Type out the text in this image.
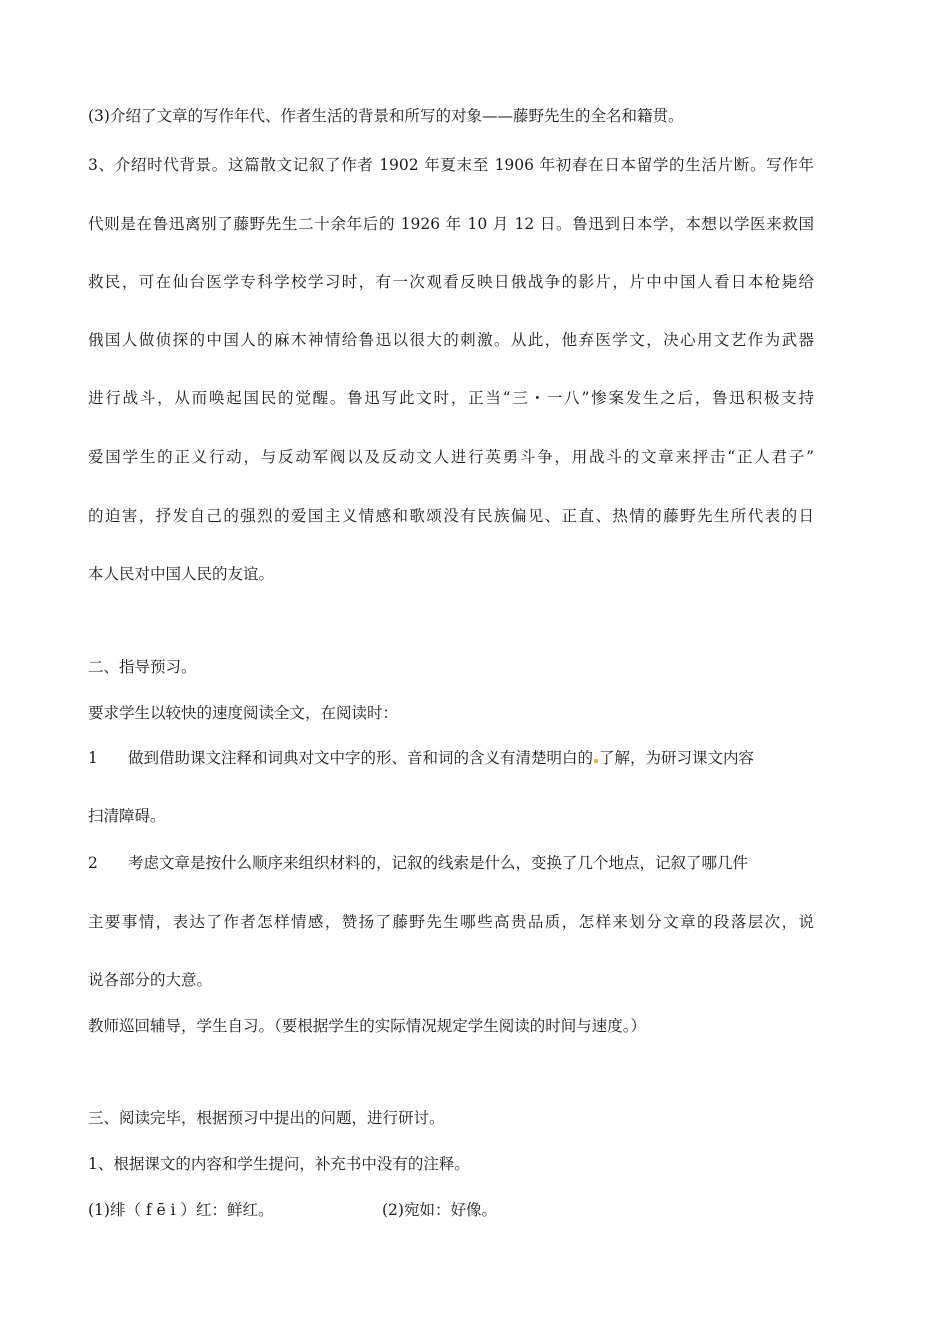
(3)介绍了文章的写作年代、作者生活的背景和所写的对象——藤野先生的全名和籍贯。
3、介绍时代背景。这篇散文记叙了作者 1902 年夏末至 1906 年初春在日本留学的生活片断。写作年
代则是在鲁迅离别了藤野先生二十余年后的 1926 年 10 月 12 日。鲁迅到日本学，本想以学医来救国
救民，可在仙台医学专科学校学习时，有一次观看反映日俄战争的影片，片中中国人看日本枪毙给
俄国人做侦探的中国人的麻木神情给鲁迅以很大的刺激。从此，他弃医学文，决心用文艺作为武器
进行战斗，从而唤起国民的觉醒。鲁迅写此文时，正当“三・一八”惨案发生之后，鲁迅积极支持
爱国学生的正义行动，与反动军阀以及反动文人进行英勇斗争，用战斗的文章来抨击“正人君子”
的迫害，抒发自己的强烈的爱国主义情感和歌颂没有民族偏见、正直、热情的藤野先生所代表的日
本人民对中国人民的友谊。
二、指导预习。
要求学生以较快的速度阅读全文，在阅读时：
1 做到借助课文注释和词典对文中字的形、音和词的含义有清楚明白的 了解，为研习课文内容
扫清障碍。
2 考虑文章是按什么顺序来组织材料的，记叙的线索是什么，变换了几个地点，记叙了哪几件
主要事情，表达了作者怎样情感，赞扬了藤野先生哪些高贵品质，怎样来划分文章的段落层次，说
说各部分的大意。
教师巡回辅导，学生自习。（要根据学生的实际情况规定学生阅读的时间与速度。）
三、阅读完毕，根据预习中提出的问题，进行研讨。
1、根据课文的内容和学生提问，补充书中没有的注释。
(1)绯（ f ē i ）红：鲜红。	(2)宛如：好像。
